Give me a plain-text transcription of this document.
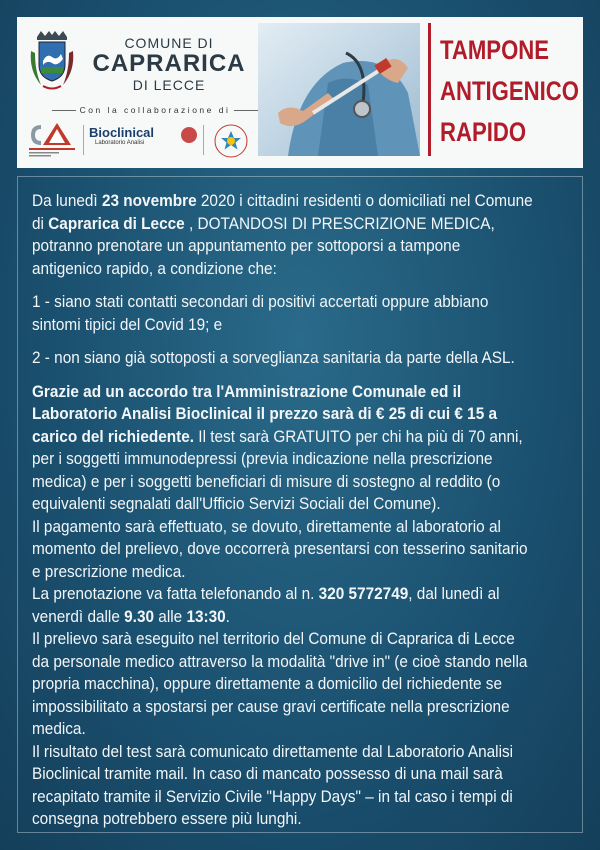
COMUNE DI
CAPRARICA
DI LECCE
Con la collaborazione di
Bioclinical
Laboratorio Analisi
TAMPONE
ANTIGENICO
RAPIDO

Da lunedì 23 novembre 2020 i cittadini residenti o domiciliati nel Comune di Caprarica di Lecce , DOTANDOSI DI PRESCRIZIONE MEDICA, potranno prenotare un appuntamento per sottoporsi a tampone antigenico rapido, a condizione che:

1 - siano stati contatti secondari di positivi accertati oppure abbiano sintomi tipici del Covid 19; e

2 - non siano già sottoposti a sorveglianza sanitaria da parte della ASL.

Grazie ad un accordo tra l'Amministrazione Comunale ed il Laboratorio Analisi Bioclinical il prezzo sarà di € 25 di cui € 15 a carico del richiedente. Il test sarà GRATUITO per chi ha più di 70 anni, per i soggetti immunodepressi (previa indicazione nella prescrizione medica) e per i soggetti beneficiari di misure di sostegno al reddito (o equivalenti segnalati dall'Ufficio Servizi Sociali del Comune).

Il pagamento sarà effettuato, se dovuto, direttamente al laboratorio al momento del prelievo, dove occorrerà presentarsi con tesserino sanitario e prescrizione medica.

La prenotazione va fatta telefonando al n. 320 5772749, dal lunedì al venerdì dalle 9.30 alle 13:30.

Il prelievo sarà eseguito nel territorio del Comune di Caprarica di Lecce da personale medico attraverso la modalità "drive in" (e cioè stando nella propria macchina), oppure direttamente a domicilio del richiedente se impossibilitato a spostarsi per cause gravi certificate nella prescrizione medica.

Il risultato del test sarà comunicato direttamente dal Laboratorio Analisi Bioclinical tramite mail. In caso di mancato possesso di una mail sarà recapitato tramite il Servizio Civile "Happy Days" – in tal caso i tempi di consegna potrebbero essere più lunghi.
